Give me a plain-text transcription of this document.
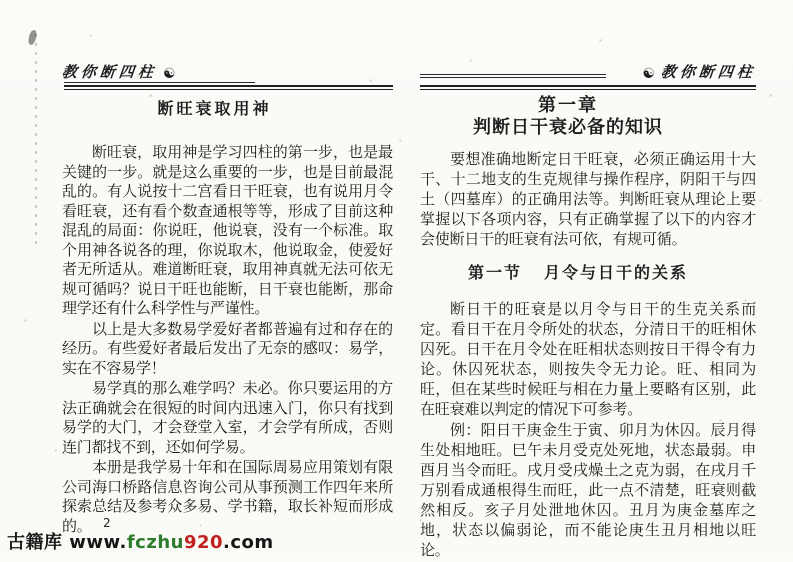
教你断四柱 ☯
断旺衰取用神

断旺衰，取用神是学习四柱的第一步，也是最关键的一步。就是这么重要的一步，也是目前最混乱的。有人说按十二宫看日干旺衰，也有说用月令看旺衰，还有看个数查通根等等，形成了目前这种混乱的局面：你说旺，他说衰，没有一个标准。取个用神各说各的理，你说取木，他说取金，使爱好者无所适从。难道断旺衰，取用神真就无法可依无规可循吗？说日干旺也能断，日干衰也能断，那命理学还有什么科学性与严谨性。

以上是大多数易学爱好者都普遍有过和存在的经历。有些爱好者最后发出了无奈的感叹：易学，实在不容易学！

易学真的那么难学吗？未必。你只要运用的方法正确就会在很短的时间内迅速入门，你只有找到易学的大门，才会登堂入室，才会学有所成，否则连门都找不到，还如何学易。

本册是我学易十年和在国际周易应用策划有限公司海口桥路信息咨询公司从事预测工作四年来所探索总结及参考众多易、学书籍，取长补短而形成的。

☯ 教你断四柱
第一章
判断日干衰必备的知识

要想准确地断定日干旺衰，必须正确运用十大干、十二地支的生克规律与操作程序，阴阳干与四土（四墓库）的正确用法等。判断旺衰从理论上要掌握以下各项内容，只有正确掌握了以下的内容才会使断日干的旺衰有法可依，有规可循。

第一节 月令与日干的关系

断日干的旺衰是以月令与日干的生克关系而定。看日干在月令所处的状态，分清日干的旺相休囚死。日干在月令处在旺相状态则按日干得令有力论。休囚死状态，则按失令无力论。旺、相同为旺，但在某些时候旺与相在力量上要略有区别，此在旺衰难以判定的情况下可参考。

例：阳日干庚金生于寅、卯月为休囚。辰月得生处相地旺。巳午未月受克处死地，状态最弱。申酉月当令而旺。戌月受戌燥土之克为弱，在戌月千万别看成通根得生而旺，此一点不清楚，旺衰则截然相反。亥子月处泄地休囚。丑月为庚金墓库之地，状态以偏弱论，而不能论庚生丑月相地以旺论。

2
古籍库 www.fczhu920.com
